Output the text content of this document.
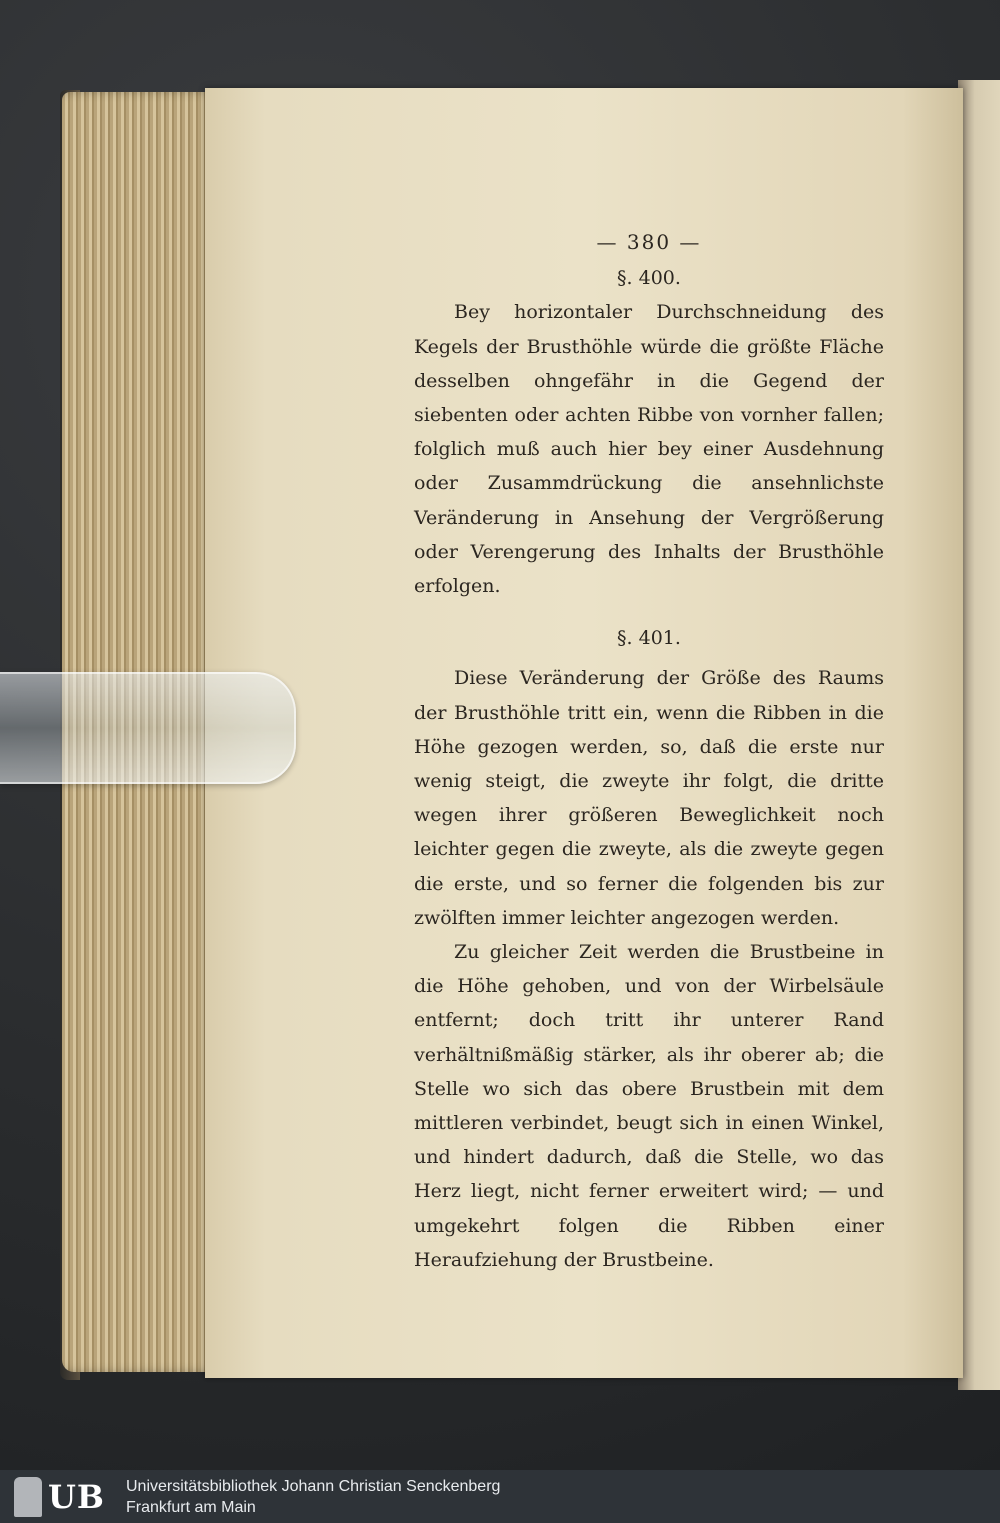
— 380 —

§. 400.

Bey horizontaler Durchschneidung des Kegels der Brusthöhle würde die größte Fläche desselben ohngefähr in die Gegend der siebenten oder achten Ribbe von vornher fallen; folglich muß auch hier bey einer Ausdehnung oder Zusammdrückung die ansehnlichste Veränderung in Ansehung der Vergrößerung oder Verengerung des Inhalts der Brusthöhle erfolgen.

§. 401.

Diese Veränderung der Größe des Raums der Brusthöhle tritt ein, wenn die Ribben in die Höhe gezogen werden, so, daß die erste nur wenig steigt, die zweyte ihr folgt, die dritte wegen ihrer größeren Beweglichkeit noch leichter gegen die zweyte, als die zweyte gegen die erste, und so ferner die folgenden bis zur zwölften immer leichter angezogen werden.

Zu gleicher Zeit werden die Brustbeine in die Höhe gehoben, und von der Wirbelsäule entfernt; doch tritt ihr unterer Rand verhältnißmäßig stärker, als ihr oberer ab; die Stelle wo sich das obere Brustbein mit dem mittleren verbindet, beugt sich in einen Winkel, und hindert dadurch, daß die Stelle, wo das Herz liegt, nicht ferner erweitert wird; — und umgekehrt folgen die Ribben einer Heraufziehung der Brustbeine.

UB Universitätsbibliothek Johann Christian Senckenberg
Frankfurt am Main
